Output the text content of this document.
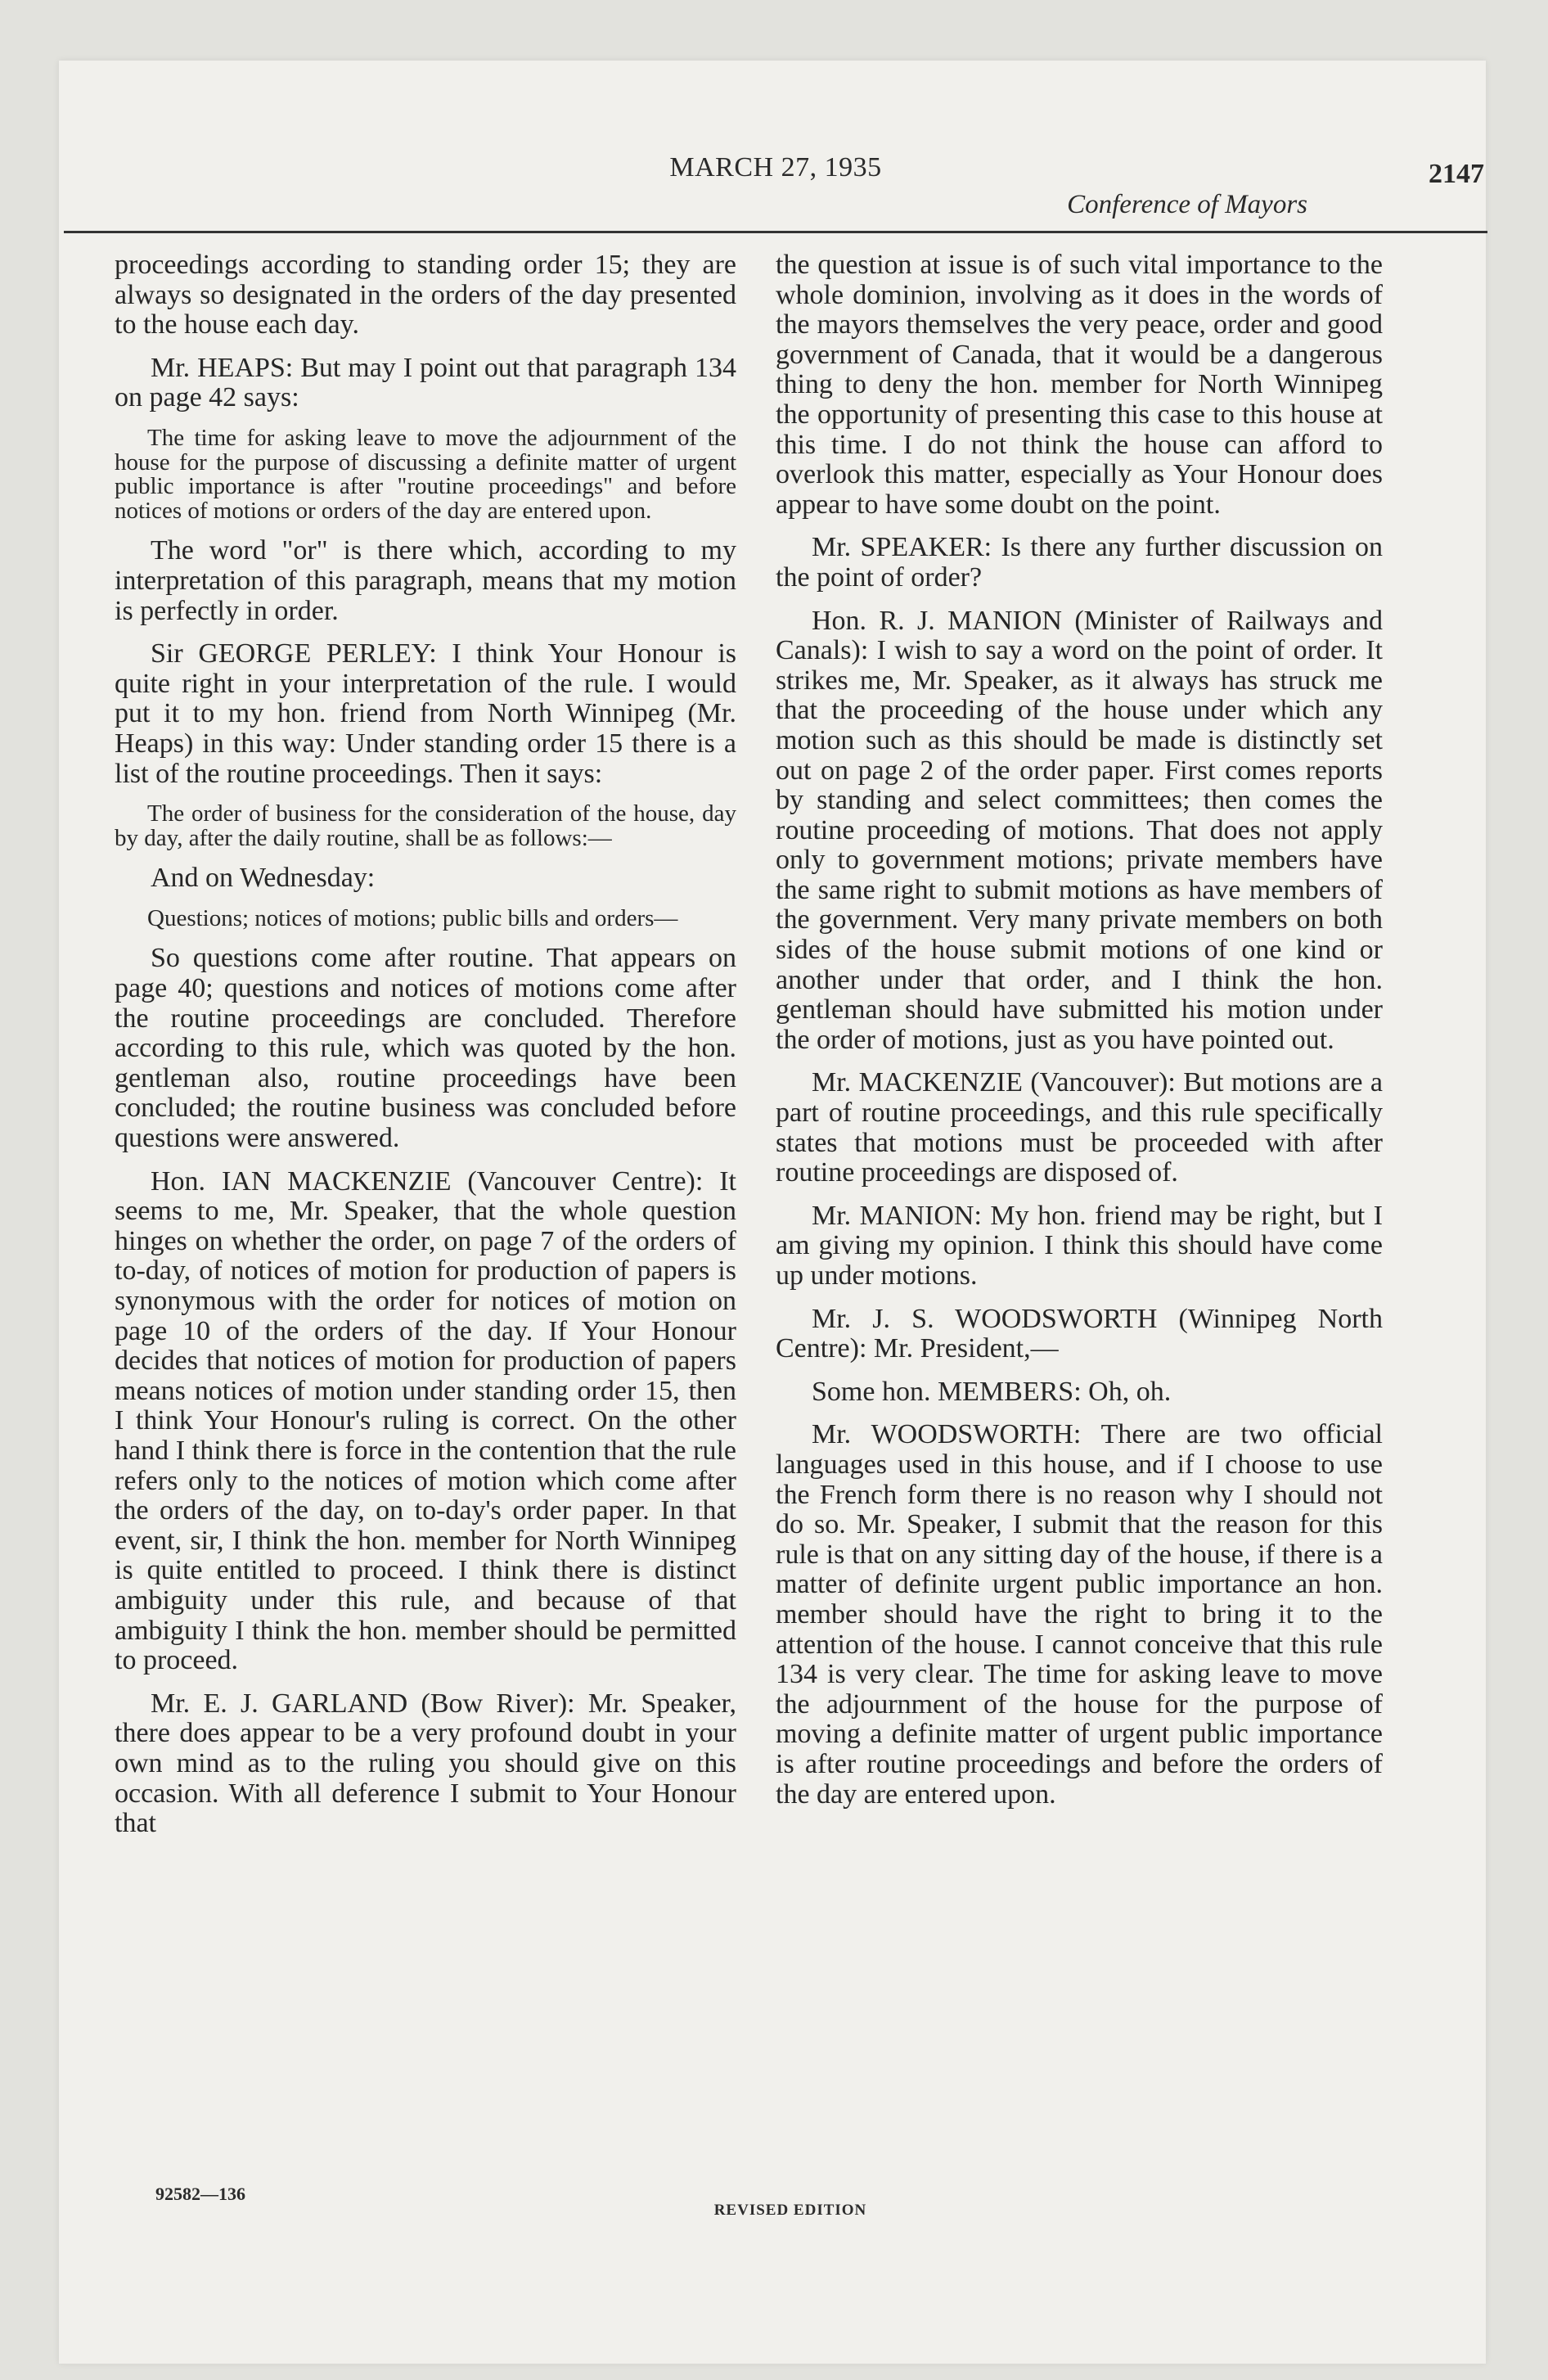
MARCH 27, 1935	2147
Conference of Mayors

proceedings according to standing order 15; they are always so designated in the orders of the day presented to the house each day.

Mr. HEAPS: But may I point out that paragraph 134 on page 42 says:

The time for asking leave to move the adjournment of the house for the purpose of discussing a definite matter of urgent public importance is after "routine proceedings" and before notices of motions or orders of the day are entered upon.

The word "or" is there which, according to my interpretation of this paragraph, means that my motion is perfectly in order.

Sir GEORGE PERLEY: I think Your Honour is quite right in your interpretation of the rule. I would put it to my hon. friend from North Winnipeg (Mr. Heaps) in this way: Under standing order 15 there is a list of the routine proceedings. Then it says:

The order of business for the consideration of the house, day by day, after the daily routine, shall be as follows:—

And on Wednesday:

Questions; notices of motions; public bills and orders—

So questions come after routine. That appears on page 40; questions and notices of motions come after the routine proceedings are concluded. Therefore according to this rule, which was quoted by the hon. gentleman also, routine proceedings have been concluded; the routine business was concluded before questions were answered.

Hon. IAN MACKENZIE (Vancouver Centre): It seems to me, Mr. Speaker, that the whole question hinges on whether the order, on page 7 of the orders of to-day, of notices of motion for production of papers is synonymous with the order for notices of motion on page 10 of the orders of the day. If Your Honour decides that notices of motion for production of papers means notices of motion under standing order 15, then I think Your Honour's ruling is correct. On the other hand I think there is force in the contention that the rule refers only to the notices of motion which come after the orders of the day, on to-day's order paper. In that event, sir, I think the hon. member for North Winnipeg is quite entitled to proceed. I think there is distinct ambiguity under this rule, and because of that ambiguity I think the hon. member should be permitted to proceed.

Mr. E. J. GARLAND (Bow River): Mr. Speaker, there does appear to be a very profound doubt in your own mind as to the ruling you should give on this occasion. With all deference I submit to Your Honour that

the question at issue is of such vital importance to the whole dominion, involving as it does in the words of the mayors themselves the very peace, order and good government of Canada, that it would be a dangerous thing to deny the hon. member for North Winnipeg the opportunity of presenting this case to this house at this time. I do not think the house can afford to overlook this matter, especially as Your Honour does appear to have some doubt on the point.

Mr. SPEAKER: Is there any further discussion on the point of order?

Hon. R. J. MANION (Minister of Railways and Canals): I wish to say a word on the point of order. It strikes me, Mr. Speaker, as it always has struck me that the proceeding of the house under which any motion such as this should be made is distinctly set out on page 2 of the order paper. First comes reports by standing and select committees; then comes the routine proceeding of motions. That does not apply only to government motions; private members have the same right to submit motions as have members of the government. Very many private members on both sides of the house submit motions of one kind or another under that order, and I think the hon. gentleman should have submitted his motion under the order of motions, just as you have pointed out.

Mr. MACKENZIE (Vancouver): But motions are a part of routine proceedings, and this rule specifically states that motions must be proceeded with after routine proceedings are disposed of.

Mr. MANION: My hon. friend may be right, but I am giving my opinion. I think this should have come up under motions.

Mr. J. S. WOODSWORTH (Winnipeg North Centre): Mr. President,—

Some hon. MEMBERS: Oh, oh.

Mr. WOODSWORTH: There are two official languages used in this house, and if I choose to use the French form there is no reason why I should not do so. Mr. Speaker, I submit that the reason for this rule is that on any sitting day of the house, if there is a matter of definite urgent public importance an hon. member should have the right to bring it to the attention of the house. I cannot conceive that this rule 134 is very clear. The time for asking leave to move the adjournment of the house for the purpose of moving a definite matter of urgent public importance is after routine proceedings and before the orders of the day are entered upon.

92582—136
REVISED EDITION
